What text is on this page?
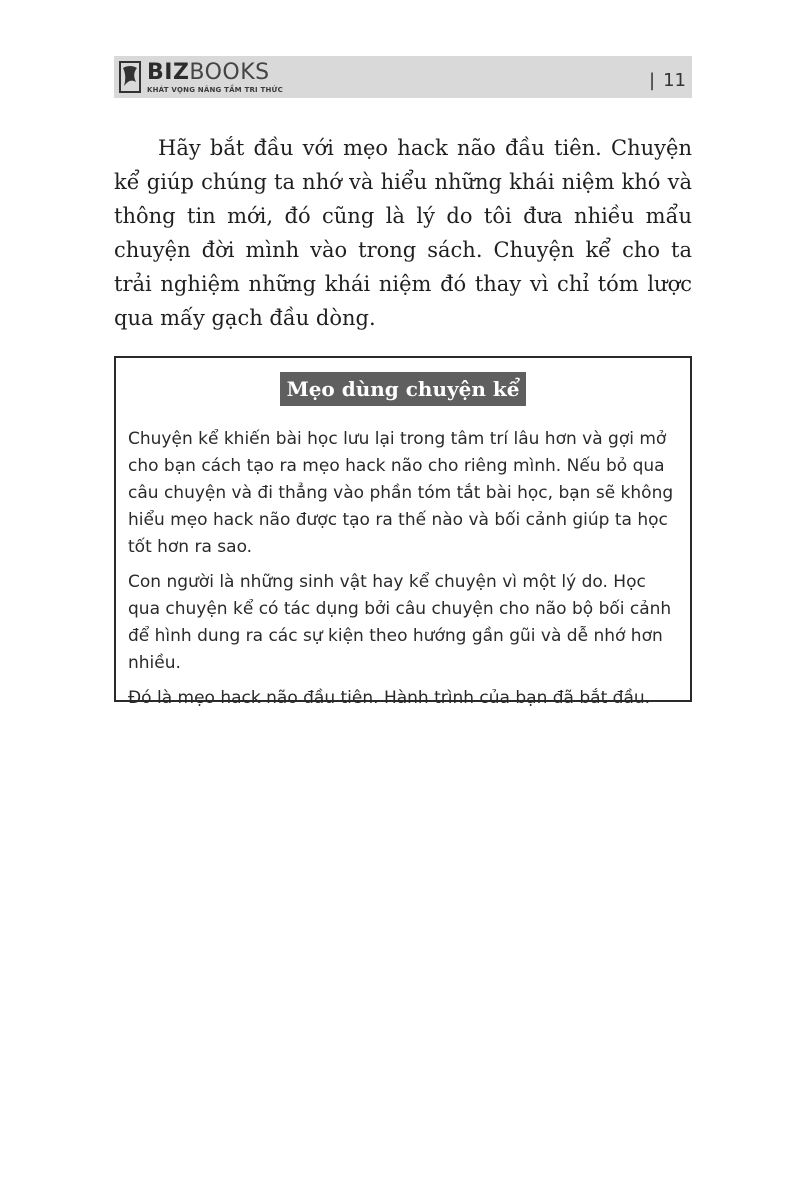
BIZBOOKS
KHÁT VỌNG NÂNG TẦM TRI THỨC	| 11

Hãy bắt đầu với mẹo hack não đầu tiên. Chuyện kể giúp chúng ta nhớ và hiểu những khái niệm khó và thông tin mới, đó cũng là lý do tôi đưa nhiều mẩu chuyện đời mình vào trong sách. Chuyện kể cho ta trải nghiệm những khái niệm đó thay vì chỉ tóm lược qua mấy gạch đầu dòng.

Mẹo dùng chuyện kể

Chuyện kể khiến bài học lưu lại trong tâm trí lâu hơn và gợi mở cho bạn cách tạo ra mẹo hack não cho riêng mình. Nếu bỏ qua câu chuyện và đi thẳng vào phần tóm tắt bài học, bạn sẽ không hiểu mẹo hack não được tạo ra thế nào và bối cảnh giúp ta học tốt hơn ra sao.

Con người là những sinh vật hay kể chuyện vì một lý do. Học qua chuyện kể có tác dụng bởi câu chuyện cho não bộ bối cảnh để hình dung ra các sự kiện theo hướng gần gũi và dễ nhớ hơn nhiều.

Đó là mẹo hack não đầu tiên. Hành trình của bạn đã bắt đầu.
